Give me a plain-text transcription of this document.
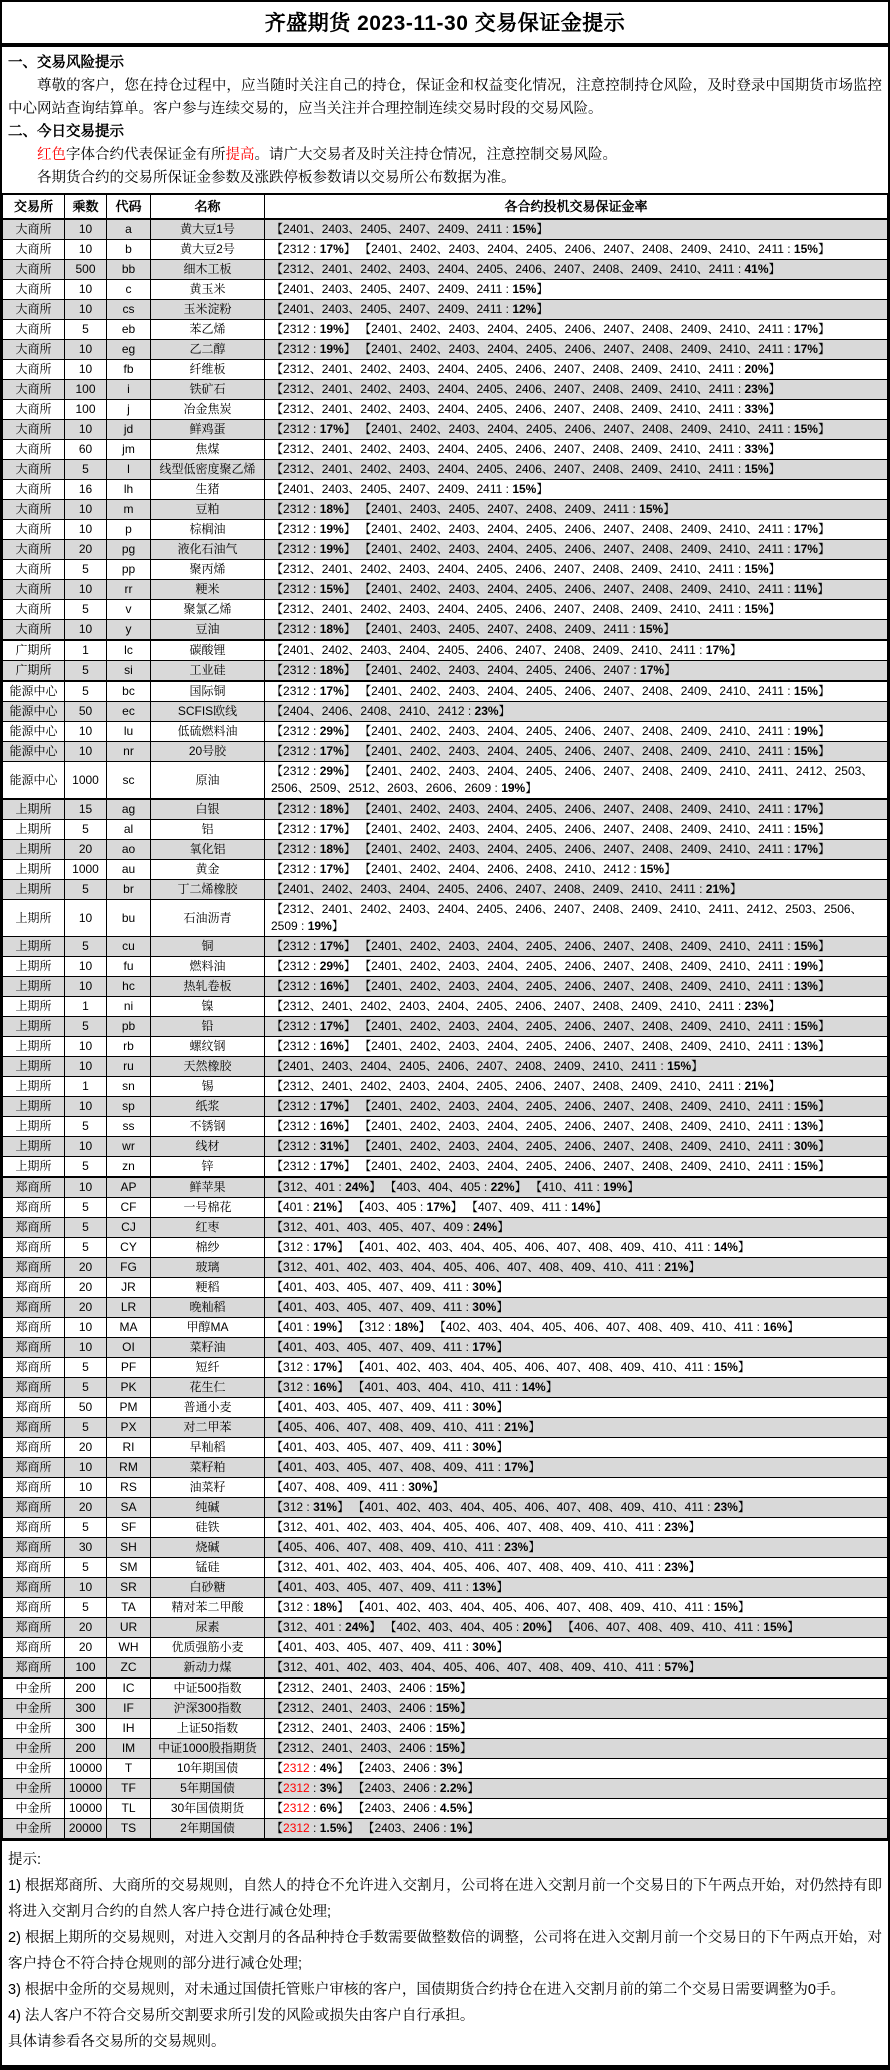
齐盛期货 2023-11-30 交易保证金提示
一、交易风险提示
尊敬的客户，您在持仓过程中，应当随时关注自己的持仓，保证金和权益变化情况，注意控制持仓风险，及时登录中国期货市场监控中心网站查询结算单。客户参与连续交易的，应当关注并合理控制连续交易时段的交易风险。
二、今日交易提示
红色字体合约代表保证金有所提高。请广大交易者及时关注持仓情况，注意控制交易风险。
各期货合约的交易所保证金参数及涨跌停板参数请以交易所公布数据为准。
交易所	乘数	代码	名称	各合约投机交易保证金率
大商所	10	a	黄大豆1号	【2401、2403、2405、2407、2409、2411 : 15%】
大商所	10	b	黄大豆2号	【2312 : 17%】 【2401、2402、2403、2404、2405、2406、2407、2408、2409、2410、2411 : 15%】
大商所	500	bb	细木工板	【2312、2401、2402、2403、2404、2405、2406、2407、2408、2409、2410、2411 : 41%】
大商所	10	c	黄玉米	【2401、2403、2405、2407、2409、2411 : 15%】
大商所	10	cs	玉米淀粉	【2401、2403、2405、2407、2409、2411 : 12%】
大商所	5	eb	苯乙烯	【2312 : 19%】 【2401、2402、2403、2404、2405、2406、2407、2408、2409、2410、2411 : 17%】
大商所	10	eg	乙二醇	【2312 : 19%】 【2401、2402、2403、2404、2405、2406、2407、2408、2409、2410、2411 : 17%】
大商所	10	fb	纤维板	【2312、2401、2402、2403、2404、2405、2406、2407、2408、2409、2410、2411 : 20%】
大商所	100	i	铁矿石	【2312、2401、2402、2403、2404、2405、2406、2407、2408、2409、2410、2411 : 23%】
大商所	100	j	冶金焦炭	【2312、2401、2402、2403、2404、2405、2406、2407、2408、2409、2410、2411 : 33%】
大商所	10	jd	鲜鸡蛋	【2312 : 17%】 【2401、2402、2403、2404、2405、2406、2407、2408、2409、2410、2411 : 15%】
大商所	60	jm	焦煤	【2312、2401、2402、2403、2404、2405、2406、2407、2408、2409、2410、2411 : 33%】
大商所	5	l	线型低密度聚乙烯	【2312、2401、2402、2403、2404、2405、2406、2407、2408、2409、2410、2411 : 15%】
大商所	16	lh	生猪	【2401、2403、2405、2407、2409、2411 : 15%】
大商所	10	m	豆粕	【2312 : 18%】 【2401、2403、2405、2407、2408、2409、2411 : 15%】
大商所	10	p	棕榈油	【2312 : 19%】 【2401、2402、2403、2404、2405、2406、2407、2408、2409、2410、2411 : 17%】
大商所	20	pg	液化石油气	【2312 : 19%】 【2401、2402、2403、2404、2405、2406、2407、2408、2409、2410、2411 : 17%】
大商所	5	pp	聚丙烯	【2312、2401、2402、2403、2404、2405、2406、2407、2408、2409、2410、2411 : 15%】
大商所	10	rr	粳米	【2312 : 15%】 【2401、2402、2403、2404、2405、2406、2407、2408、2409、2410、2411 : 11%】
大商所	5	v	聚氯乙烯	【2312、2401、2402、2403、2404、2405、2406、2407、2408、2409、2410、2411 : 15%】
大商所	10	y	豆油	【2312 : 18%】 【2401、2403、2405、2407、2408、2409、2411 : 15%】
广期所	1	lc	碳酸锂	【2401、2402、2403、2404、2405、2406、2407、2408、2409、2410、2411 : 17%】
广期所	5	si	工业硅	【2312 : 18%】 【2401、2402、2403、2404、2405、2406、2407 : 17%】
能源中心	5	bc	国际铜	【2312 : 17%】 【2401、2402、2403、2404、2405、2406、2407、2408、2409、2410、2411 : 15%】
能源中心	50	ec	SCFIS欧线	【2404、2406、2408、2410、2412 : 23%】
能源中心	10	lu	低硫燃料油	【2312 : 29%】 【2401、2402、2403、2404、2405、2406、2407、2408、2409、2410、2411 : 19%】
能源中心	10	nr	20号胶	【2312 : 17%】 【2401、2402、2403、2404、2405、2406、2407、2408、2409、2410、2411 : 15%】
能源中心	1000	sc	原油	【2312 : 29%】 【2401、2402、2403、2404、2405、2406、2407、2408、2409、2410、2411、2412、2503、2506、2509、2512、2603、2606、2609 : 19%】
上期所	15	ag	白银	【2312 : 18%】 【2401、2402、2403、2404、2405、2406、2407、2408、2409、2410、2411 : 17%】
上期所	5	al	铝	【2312 : 17%】 【2401、2402、2403、2404、2405、2406、2407、2408、2409、2410、2411 : 15%】
上期所	20	ao	氧化铝	【2312 : 18%】 【2401、2402、2403、2404、2405、2406、2407、2408、2409、2410、2411 : 17%】
上期所	1000	au	黄金	【2312 : 17%】 【2401、2402、2404、2406、2408、2410、2412 : 15%】
上期所	5	br	丁二烯橡胶	【2401、2402、2403、2404、2405、2406、2407、2408、2409、2410、2411 : 21%】
上期所	10	bu	石油沥青	【2312、2401、2402、2403、2404、2405、2406、2407、2408、2409、2410、2411、2412、2503、2506、2509 : 19%】
上期所	5	cu	铜	【2312 : 17%】 【2401、2402、2403、2404、2405、2406、2407、2408、2409、2410、2411 : 15%】
上期所	10	fu	燃料油	【2312 : 29%】 【2401、2402、2403、2404、2405、2406、2407、2408、2409、2410、2411 : 19%】
上期所	10	hc	热轧卷板	【2312 : 16%】 【2401、2402、2403、2404、2405、2406、2407、2408、2409、2410、2411 : 13%】
上期所	1	ni	镍	【2312、2401、2402、2403、2404、2405、2406、2407、2408、2409、2410、2411 : 23%】
上期所	5	pb	铅	【2312 : 17%】 【2401、2402、2403、2404、2405、2406、2407、2408、2409、2410、2411 : 15%】
上期所	10	rb	螺纹钢	【2312 : 16%】 【2401、2402、2403、2404、2405、2406、2407、2408、2409、2410、2411 : 13%】
上期所	10	ru	天然橡胶	【2401、2403、2404、2405、2406、2407、2408、2409、2410、2411 : 15%】
上期所	1	sn	锡	【2312、2401、2402、2403、2404、2405、2406、2407、2408、2409、2410、2411 : 21%】
上期所	10	sp	纸浆	【2312 : 17%】 【2401、2402、2403、2404、2405、2406、2407、2408、2409、2410、2411 : 15%】
上期所	5	ss	不锈钢	【2312 : 16%】 【2401、2402、2403、2404、2405、2406、2407、2408、2409、2410、2411 : 13%】
上期所	10	wr	线材	【2312 : 31%】 【2401、2402、2403、2404、2405、2406、2407、2408、2409、2410、2411 : 30%】
上期所	5	zn	锌	【2312 : 17%】 【2401、2402、2403、2404、2405、2406、2407、2408、2409、2410、2411 : 15%】
郑商所	10	AP	鲜苹果	【312、401 : 24%】 【403、404、405 : 22%】 【410、411 : 19%】
郑商所	5	CF	一号棉花	【401 : 21%】 【403、405 : 17%】 【407、409、411 : 14%】
郑商所	5	CJ	红枣	【312、401、403、405、407、409 : 24%】
郑商所	5	CY	棉纱	【312 : 17%】 【401、402、403、404、405、406、407、408、409、410、411 : 14%】
郑商所	20	FG	玻璃	【312、401、402、403、404、405、406、407、408、409、410、411 : 21%】
郑商所	20	JR	粳稻	【401、403、405、407、409、411 : 30%】
郑商所	20	LR	晚籼稻	【401、403、405、407、409、411 : 30%】
郑商所	10	MA	甲醇MA	【401 : 19%】 【312 : 18%】 【402、403、404、405、406、407、408、409、410、411 : 16%】
郑商所	10	OI	菜籽油	【401、403、405、407、409、411 : 17%】
郑商所	5	PF	短纤	【312 : 17%】 【401、402、403、404、405、406、407、408、409、410、411 : 15%】
郑商所	5	PK	花生仁	【312 : 16%】 【401、403、404、410、411 : 14%】
郑商所	50	PM	普通小麦	【401、403、405、407、409、411 : 30%】
郑商所	5	PX	对二甲苯	【405、406、407、408、409、410、411 : 21%】
郑商所	20	RI	早籼稻	【401、403、405、407、409、411 : 30%】
郑商所	10	RM	菜籽粕	【401、403、405、407、408、409、411 : 17%】
郑商所	10	RS	油菜籽	【407、408、409、411 : 30%】
郑商所	20	SA	纯碱	【312 : 31%】 【401、402、403、404、405、406、407、408、409、410、411 : 23%】
郑商所	5	SF	硅铁	【312、401、402、403、404、405、406、407、408、409、410、411 : 23%】
郑商所	30	SH	烧碱	【405、406、407、408、409、410、411 : 23%】
郑商所	5	SM	锰硅	【312、401、402、403、404、405、406、407、408、409、410、411 : 23%】
郑商所	10	SR	白砂糖	【401、403、405、407、409、411 : 13%】
郑商所	5	TA	精对苯二甲酸	【312 : 18%】 【401、402、403、404、405、406、407、408、409、410、411 : 15%】
郑商所	20	UR	尿素	【312、401 : 24%】 【402、403、404、405 : 20%】 【406、407、408、409、410、411 : 15%】
郑商所	20	WH	优质强筋小麦	【401、403、405、407、409、411 : 30%】
郑商所	100	ZC	新动力煤	【312、401、402、403、404、405、406、407、408、409、410、411 : 57%】
中金所	200	IC	中证500指数	【2312、2401、2403、2406 : 15%】
中金所	300	IF	沪深300指数	【2312、2401、2403、2406 : 15%】
中金所	300	IH	上证50指数	【2312、2401、2403、2406 : 15%】
中金所	200	IM	中证1000股指期货	【2312、2401、2403、2406 : 15%】
中金所	10000	T	10年期国债	【2312 : 4%】 【2403、2406 : 3%】
中金所	10000	TF	5年期国债	【2312 : 3%】 【2403、2406 : 2.2%】
中金所	10000	TL	30年国债期货	【2312 : 6%】 【2403、2406 : 4.5%】
中金所	20000	TS	2年期国债	【2312 : 1.5%】 【2403、2406 : 1%】
提示:
1) 根据郑商所、大商所的交易规则，自然人的持仓不允许进入交割月，公司将在进入交割月前一个交易日的下午两点开始，对仍然持有即将进入交割月合约的自然人客户持仓进行减仓处理;
2) 根据上期所的交易规则，对进入交割月的各品种持仓手数需要做整数倍的调整，公司将在进入交割月前一个交易日的下午两点开始，对客户持仓不符合持仓规则的部分进行减仓处理;
3) 根据中金所的交易规则，对未通过国债托管账户审核的客户，国债期货合约持仓在进入交割月前的第二个交易日需要调整为0手。
4) 法人客户不符合交易所交割要求所引发的风险或损失由客户自行承担。
具体请参看各交易所的交易规则。
